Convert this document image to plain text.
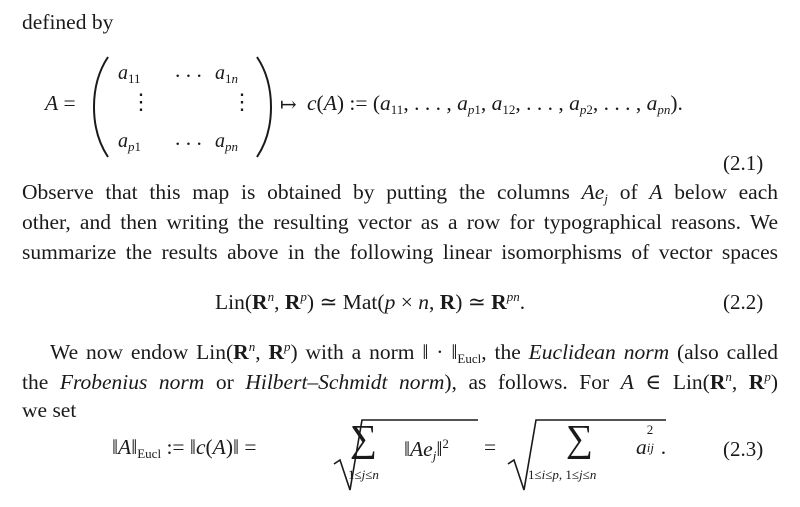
defined by
A =
$a_{11}$ . . . $a_{1n}$
⋮	⋮
$a_{p1}$ . . . $a_{pn}$
↦ c(A) := ($a_{11}$, . . . , $a_{p1}$, $a_{12}$, . . . , $a_{p2}$, . . . , $a_{pn}$).
(2.1)
Observe that this map is obtained by putting the columns Aej of A below each
other, and then writing the resulting vector as a row for typographical reasons. We
summarize the results above in the following linear isomorphisms of vector spaces
$Lin(R^n$, $R^p$) ≃ Mat(p × n, R) ≃ $R^{pn}$.	(2.2)
We now endow $Lin(R^n$, $R^p$) with a norm ‖ · $‖_{Eucl}$, the Euclidean norm (also called
the Frobenius norm or Hilbert–Schmidt norm), as follows. For A ∈ $Lin(R^n$, $R^p$)
we set
$‖A‖_{Eucl}$ := ‖c(A)‖ = ∑
1≤j≤n
‖Aej‖$^2$ = ∑
1≤i≤p, 1≤j≤n
a
2
ij .	(2.3)
